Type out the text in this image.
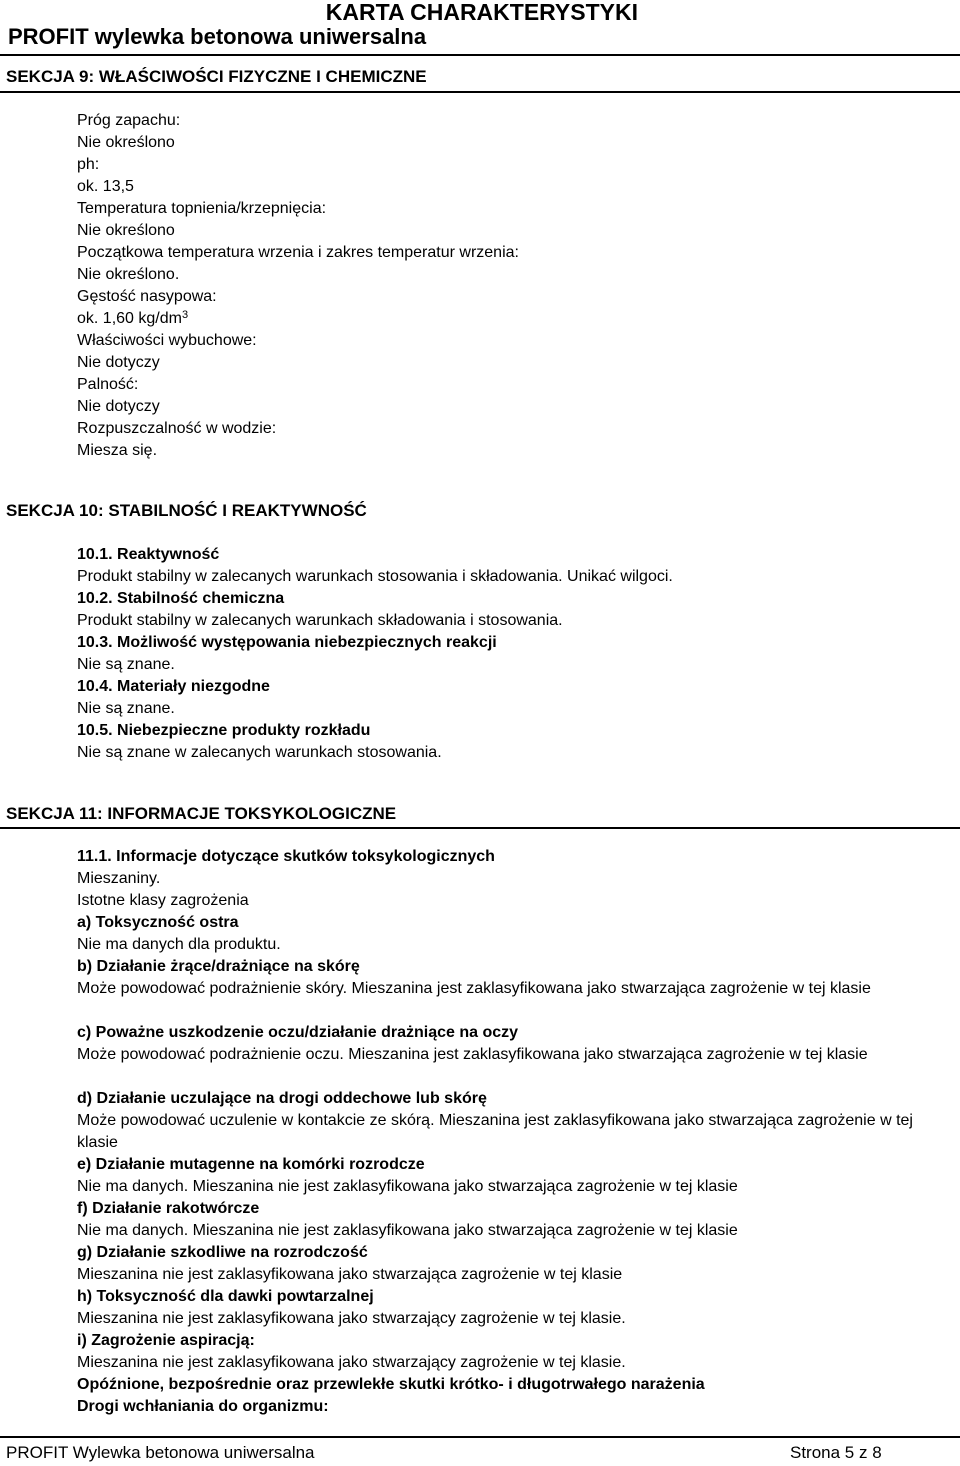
KARTA CHARAKTERYSTYKI
PROFIT wylewka betonowa uniwersalna
SEKCJA 9: WŁAŚCIWOŚCI FIZYCZNE I CHEMICZNE
Próg zapachu:
Nie określono
ph:
ok. 13,5
Temperatura topnienia/krzepnięcia:
Nie określono
Początkowa temperatura wrzenia i zakres temperatur wrzenia:
Nie określono.
Gęstość nasypowa:
ok. 1,60 $kg/dm^3$
Właściwości wybuchowe:
Nie dotyczy
Palność:
Nie dotyczy
Rozpuszczalność w wodzie:
Miesza się.
SEKCJA 10: STABILNOŚĆ I REAKTYWNOŚĆ
10.1. Reaktywność
Produkt stabilny w zalecanych warunkach stosowania i składowania. Unikać wilgoci.
10.2. Stabilność chemiczna
Produkt stabilny w zalecanych warunkach składowania i stosowania.
10.3. Możliwość występowania niebezpiecznych reakcji
Nie są znane.
10.4. Materiały niezgodne
Nie są znane.
10.5. Niebezpieczne produkty rozkładu
Nie są znane w zalecanych warunkach stosowania.
SEKCJA 11: INFORMACJE TOKSYKOLOGICZNE
11.1. Informacje dotyczące skutków toksykologicznych
Mieszaniny.
Istotne klasy zagrożenia
a) Toksyczność ostra
Nie ma danych dla produktu.
b) Działanie żrące/drażniące na skórę
Może powodować podrażnienie skóry. Mieszanina jest zaklasyfikowana jako stwarzająca zagrożenie w tej klasie
c) Poważne uszkodzenie oczu/działanie drażniące na oczy
Może powodować podrażnienie oczu. Mieszanina jest zaklasyfikowana jako stwarzająca zagrożenie w tej klasie
d) Działanie uczulające na drogi oddechowe lub skórę
Może powodować uczulenie w kontakcie ze skórą. Mieszanina jest zaklasyfikowana jako stwarzająca zagrożenie w tej klasie
e) Działanie mutagenne na komórki rozrodcze
Nie ma danych. Mieszanina nie jest zaklasyfikowana jako stwarzająca zagrożenie w tej klasie
f) Działanie rakotwórcze
Nie ma danych. Mieszanina nie jest zaklasyfikowana jako stwarzająca zagrożenie w tej klasie
g) Działanie szkodliwe na rozrodczość
Mieszanina nie jest zaklasyfikowana jako stwarzająca zagrożenie w tej klasie
h) Toksyczność dla dawki powtarzalnej
Mieszanina nie jest zaklasyfikowana jako stwarzający zagrożenie w tej klasie.
i) Zagrożenie aspiracją:
Mieszanina nie jest zaklasyfikowana jako stwarzający zagrożenie w tej klasie.
Opóźnione, bezpośrednie oraz przewlekłe skutki krótko- i długotrwałego narażenia
Drogi wchłaniania do organizmu:
PROFIT Wylewka betonowa uniwersalna	Strona 5 z 8
